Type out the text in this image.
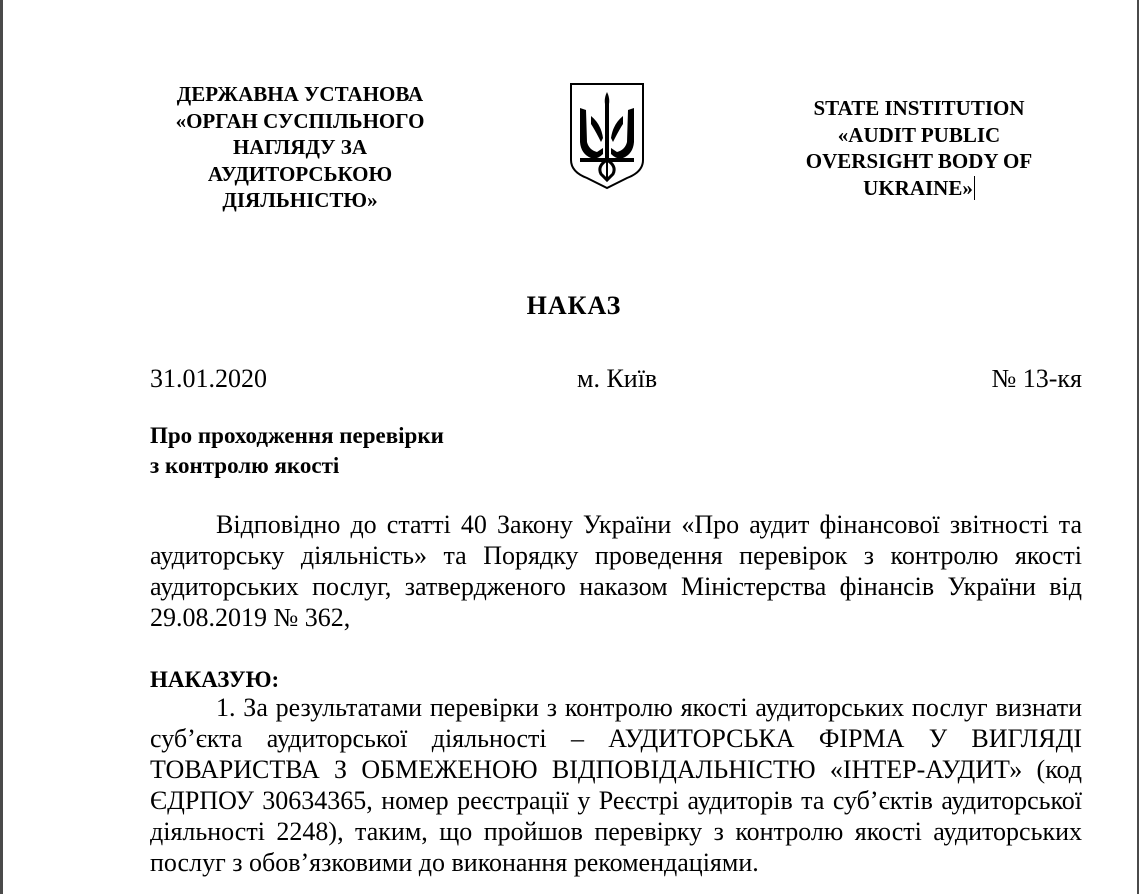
ДЕРЖАВНА УСТАНОВА
«ОРГАН СУСПІЛЬНОГО
НАГЛЯДУ ЗА
АУДИТОРСЬКОЮ
ДІЯЛЬНІСТЮ»
STATE INSTITUTION
«AUDIT PUBLIC
OVERSIGHT BODY OF
UKRAINE»
НАКАЗ
31.01.2020	м. Київ	№ 13-кя
Про проходження перевірки
з контролю якості
Відповідно до статті 40 Закону України «Про аудит фінансової звітності та аудиторську діяльність» та Порядку проведення перевірок з контролю якості аудиторських послуг, затвердженого наказом Міністерства фінансів України від 29.08.2019 № 362,
НАКАЗУЮ:
1. За результатами перевірки з контролю якості аудиторських послуг визнати суб’єкта аудиторської діяльності – АУДИТОРСЬКА ФІРМА У ВИГЛЯДІ ТОВАРИСТВА З ОБМЕЖЕНОЮ ВІДПОВІДАЛЬНІСТЮ «ІНТЕР-АУДИТ» (код ЄДРПОУ 30634365, номер реєстрації у Реєстрі аудиторів та суб’єктів аудиторської діяльності 2248), таким, що пройшов перевірку з контролю якості аудиторських послуг з обов’язковими до виконання рекомендаціями.
